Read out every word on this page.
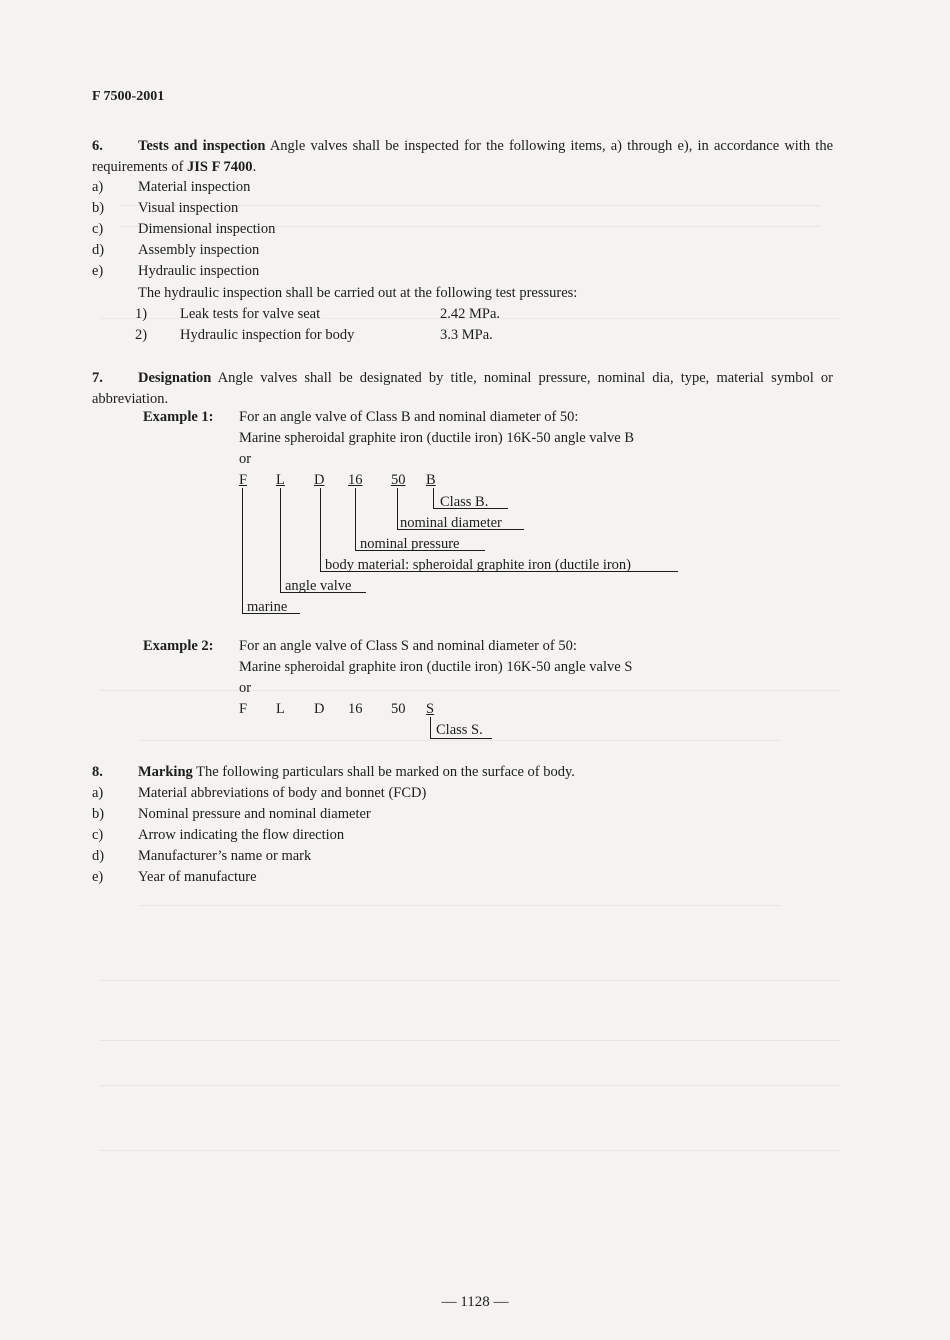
F 7500-2001
6. Tests and inspection Angle valves shall be inspected for the following items, a) through e), in accordance with the requirements of JIS F 7400.
a) Material inspection
b) Visual inspection
c) Dimensional inspection
d) Assembly inspection
e) Hydraulic inspection
The hydraulic inspection shall be carried out at the following test pressures:
1) Leak tests for valve seat	2.42 MPa.
2) Hydraulic inspection for body	3.3 MPa.
7. Designation Angle valves shall be designated by title, nominal pressure, nominal dia, type, material symbol or abbreviation.
Example 1: For an angle valve of Class B and nominal diameter of 50:
Marine spheroidal graphite iron (ductile iron) 16K-50 angle valve B
or
F L D 16 50 B
Class B.
nominal diameter
nominal pressure
body material: spheroidal graphite iron (ductile iron)
angle valve
marine
Example 2: For an angle valve of Class S and nominal diameter of 50:
Marine spheroidal graphite iron (ductile iron) 16K-50 angle valve S
or
F L D 16 50 S
Class S.
8. Marking The following particulars shall be marked on the surface of body.
a) Material abbreviations of body and bonnet (FCD)
b) Nominal pressure and nominal diameter
c) Arrow indicating the flow direction
d) Manufacturer’s name or mark
e) Year of manufacture
— 1128 —
